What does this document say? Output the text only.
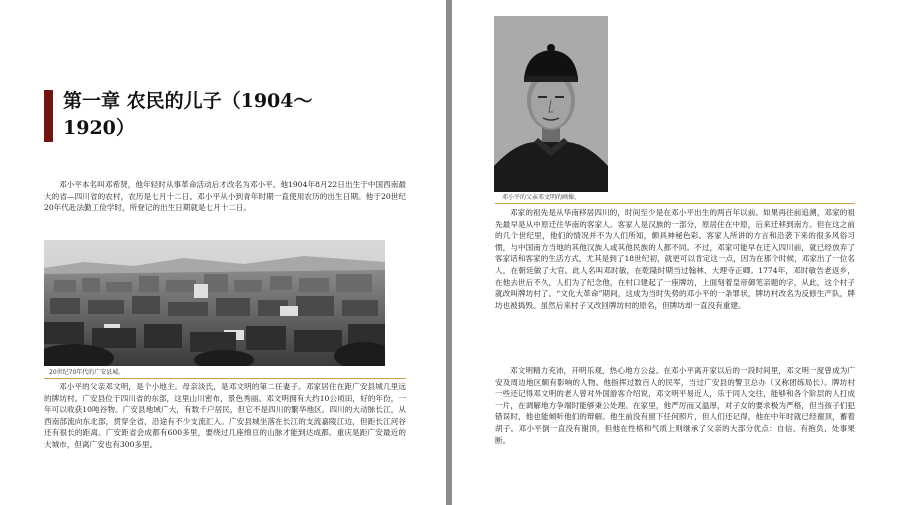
第一章 农民的儿子（1904～1920）
邓小平本名叫邓希贤，他年轻时从事革命活动后才改名为邓小平。他1904年8月22日出生于中国西南最大的省—四川省的农村，农历是七月十二日。邓小平从小到青年时期一直使用农历的出生日期。他于20世纪20年代赴法勤工俭学时，所登记的出生日期就是七月十二日。
20世纪70年代的广安县城。
邓小平的父亲邓文明，是个小地主。母亲淡氏，是邓文明的第二任妻子。邓家居住在距广安县城几里远的牌坊村。广安县位于四川省的东部，这里山川密布，景色秀丽。邓文明拥有大约10公顷田，好的年份，一年可以收获10吨谷物。广安县地域广大，有数千户居民，但它不是四川的繁华地区。四川的大动脉长江，从西南部流向东北部，贯穿全省，沿途有不少支流汇入。广安县城坐落在长江的支流嘉陵江边，但距长江河谷还有很长的距离。广安距省会成都有600多里，要绕过几座绵亘的山脉才能到达成都。重庆是距广安最近的大城市，但离广安也有300多里。
邓小平的父亲邓文明的画像。
邓家的祖先是从华南移居四川的，时间至少是在邓小平出生的两百年以前。如果再往前追溯，邓家的祖先最早是从中原迁往华南的客家人。客家人是汉族的一部分，原居住在中原，后来迁移到南方。但在这之前的几个世纪里，他们的情况并不为人们所知，颇具神秘色彩。客家人所讲的方言和沿袭下来的很多风俗习惯，与中国南方当地的其他汉族人或其他民族的人都不同。不过，邓家可能早在迁入四川前，就已经放弃了客家话和客家的生活方式，尤其是到了18世纪初，就更可以肯定这一点，因为在那个时候，邓家出了一位名人，在朝廷做了大官。此人名叫邓时敏，在乾隆时期当过翰林、大理寺正卿。1774年，邓时敏告老返乡，在他去世后不久，人们为了纪念他，在村口建起了一座牌坊，上面刻着皇帝御笔亲题的字，从此，这个村子就改叫牌坊村了。“文化大革命”期间，这成为当时失势的邓小平的一条罪状，牌坊村改名为反修生产队，牌坊也被捣毁。虽然后来村子又改回牌坊村的原名，但牌坊却一直没有重建。
邓文明精力充沛，开明乐观，热心地方公益。在邓小平离开家以后的一段时间里，邓文明一度曾成为广安及周边地区颇有影响的人物。他指挥过数百人的民军，当过广安县的警卫总办（又称团练局长）。牌坊村一些还记得邓文明的老人曾对外国游客介绍说，邓文明平易近人，乐于同人交往，能够和各个阶层的人打成一片，在调解地方争端时能够秉公处理。在家里，他严厉而又温厚，对子女的要求极为严格，但当孩子们犯错误时，他也能倾听他们的辩解。他生前没有留下任何照片，但人们还记得，他在中年时就已经谢顶，蓄着胡子。邓小平倒一直没有谢顶，但他在性格和气质上则继承了父亲的大部分优点：自信、有抱负、处事果断。
